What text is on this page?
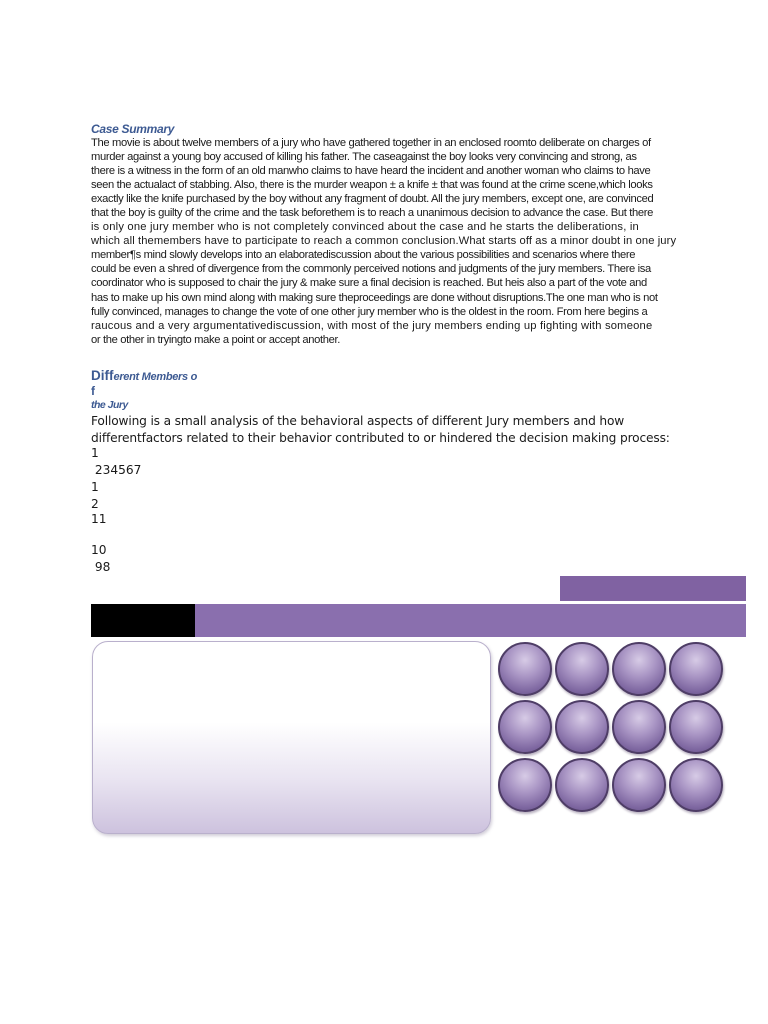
Case Summary
The movie is about twelve members of a jury who have gathered together in an enclosed roomto deliberate on charges of
murder against a young boy accused of killing his father. The caseagainst the boy looks very convincing and strong, as
there is a witness in the form of an old manwho claims to have heard the incident and another woman who claims to have
seen the actualact of stabbing. Also, there is the murder weapon ± a knife ± that was found at the crime scene,which looks
exactly like the knife purchased by the boy without any fragment of doubt. All the jury members, except one, are convinced
that the boy is guilty of the crime and the task beforethem is to reach a unanimous decision to advance the case. But there
is only one jury member who is not completely convinced about the case and he starts the deliberations, in
which all themembers have to participate to reach a common conclusion.What starts off as a minor doubt in one jury
member¶s mind slowly develops into an elaboratediscussion about the various possibilities and scenarios where there
could be even a shred of divergence from the commonly perceived notions and judgments of the jury members. There isa
coordinator who is supposed to chair the jury & make sure a final decision is reached. But heis also a part of the vote and
has to make up his own mind along with making sure theproceedings are done without disruptions.The one man who is not
fully convinced, manages to change the vote of one other jury member who is the oldest in the room. From here begins a
raucous and a very argumentativediscussion, with most of the jury members ending up fighting with someone
or the other in tryingto make a point or accept another.
Different Members o
f
the Jury
Following is a small analysis of the behavioral aspects of different Jury members and how
differentfactors related to their behavior contributed to or hindered the decision making process:
1
234567
1
2
11
10
98
